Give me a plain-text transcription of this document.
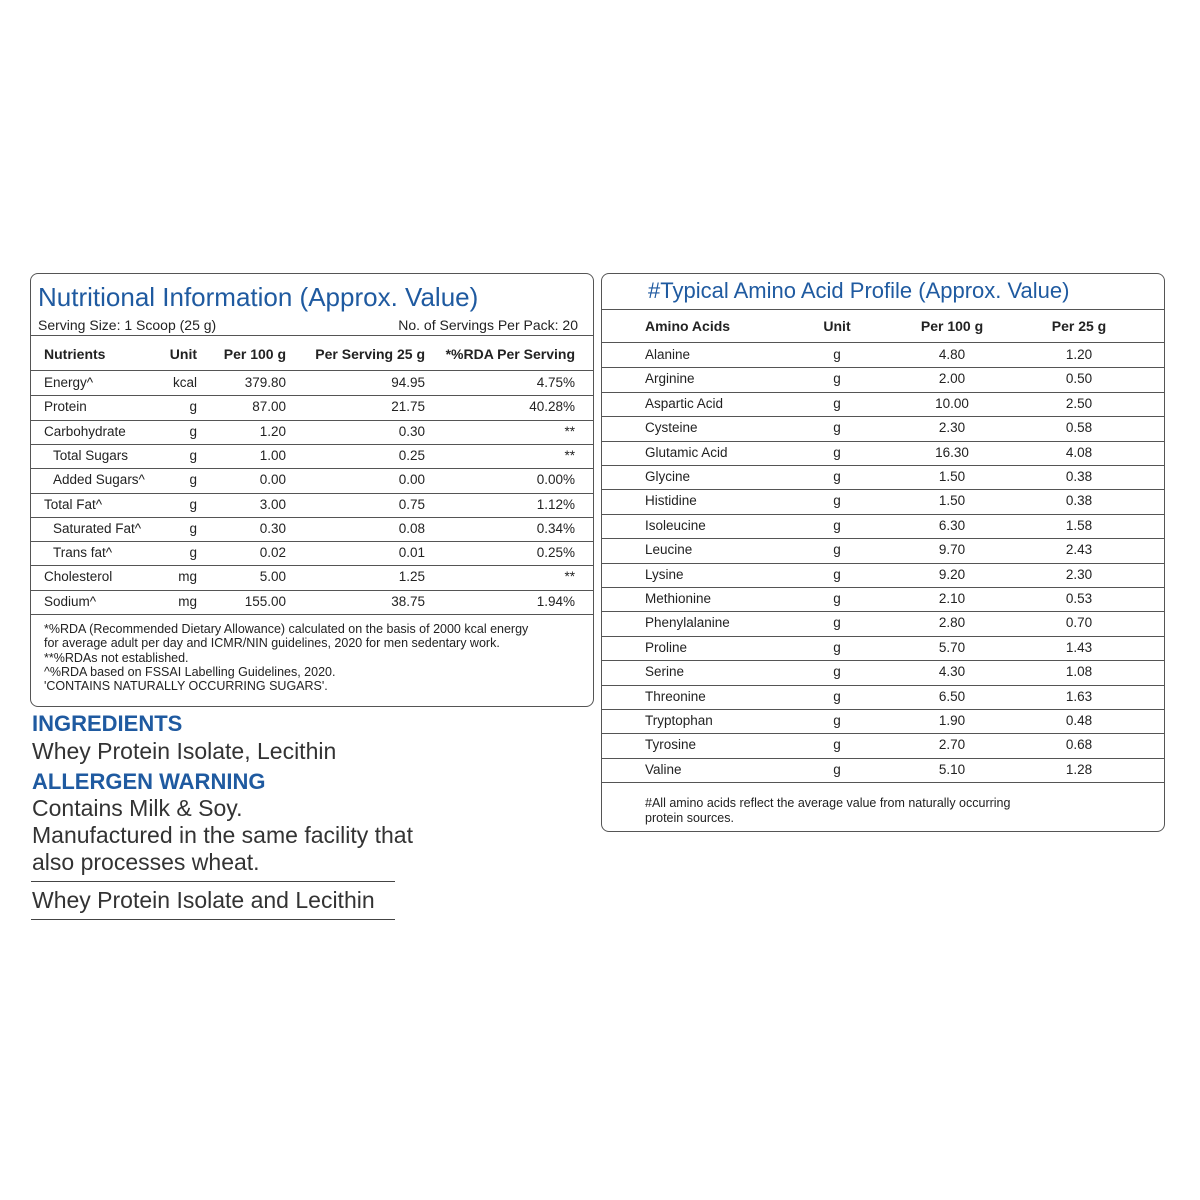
Nutritional Information (Approx. Value)
Serving Size: 1 Scoop (25 g)	No. of Servings Per Pack: 20
Nutrients	Unit	Per 100 g	Per Serving 25 g	*%RDA Per Serving
Energy^	kcal	379.80	94.95	4.75%
Protein	g	87.00	21.75	40.28%
Carbohydrate	g	1.20	0.30	**
Total Sugars	g	1.00	0.25	**
Added Sugars^	g	0.00	0.00	0.00%
Total Fat^	g	3.00	0.75	1.12%
Saturated Fat^	g	0.30	0.08	0.34%
Trans fat^	g	0.02	0.01	0.25%
Cholesterol	mg	5.00	1.25	**
Sodium^	mg	155.00	38.75	1.94%
*%RDA (Recommended Dietary Allowance) calculated on the basis of 2000 kcal energy
for average adult per day and ICMR/NIN guidelines, 2020 for men sedentary work.
**%RDAs not established.
^%RDA based on FSSAI Labelling Guidelines, 2020.
'CONTAINS NATURALLY OCCURRING SUGARS'.
#Typical Amino Acid Profile (Approx. Value)
Amino Acids	Unit	Per 100 g	Per 25 g
Alanine	g	4.80	1.20
Arginine	g	2.00	0.50
Aspartic Acid	g	10.00	2.50
Cysteine	g	2.30	0.58
Glutamic Acid	g	16.30	4.08
Glycine	g	1.50	0.38
Histidine	g	1.50	0.38
Isoleucine	g	6.30	1.58
Leucine	g	9.70	2.43
Lysine	g	9.20	2.30
Methionine	g	2.10	0.53
Phenylalanine	g	2.80	0.70
Proline	g	5.70	1.43
Serine	g	4.30	1.08
Threonine	g	6.50	1.63
Tryptophan	g	1.90	0.48
Tyrosine	g	2.70	0.68
Valine	g	5.10	1.28
#All amino acids reflect the average value from naturally occurring
protein sources.
INGREDIENTS
Whey Protein Isolate, Lecithin
ALLERGEN WARNING
Contains Milk & Soy.
Manufactured in the same facility that
also processes wheat.
Whey Protein Isolate and Lecithin
